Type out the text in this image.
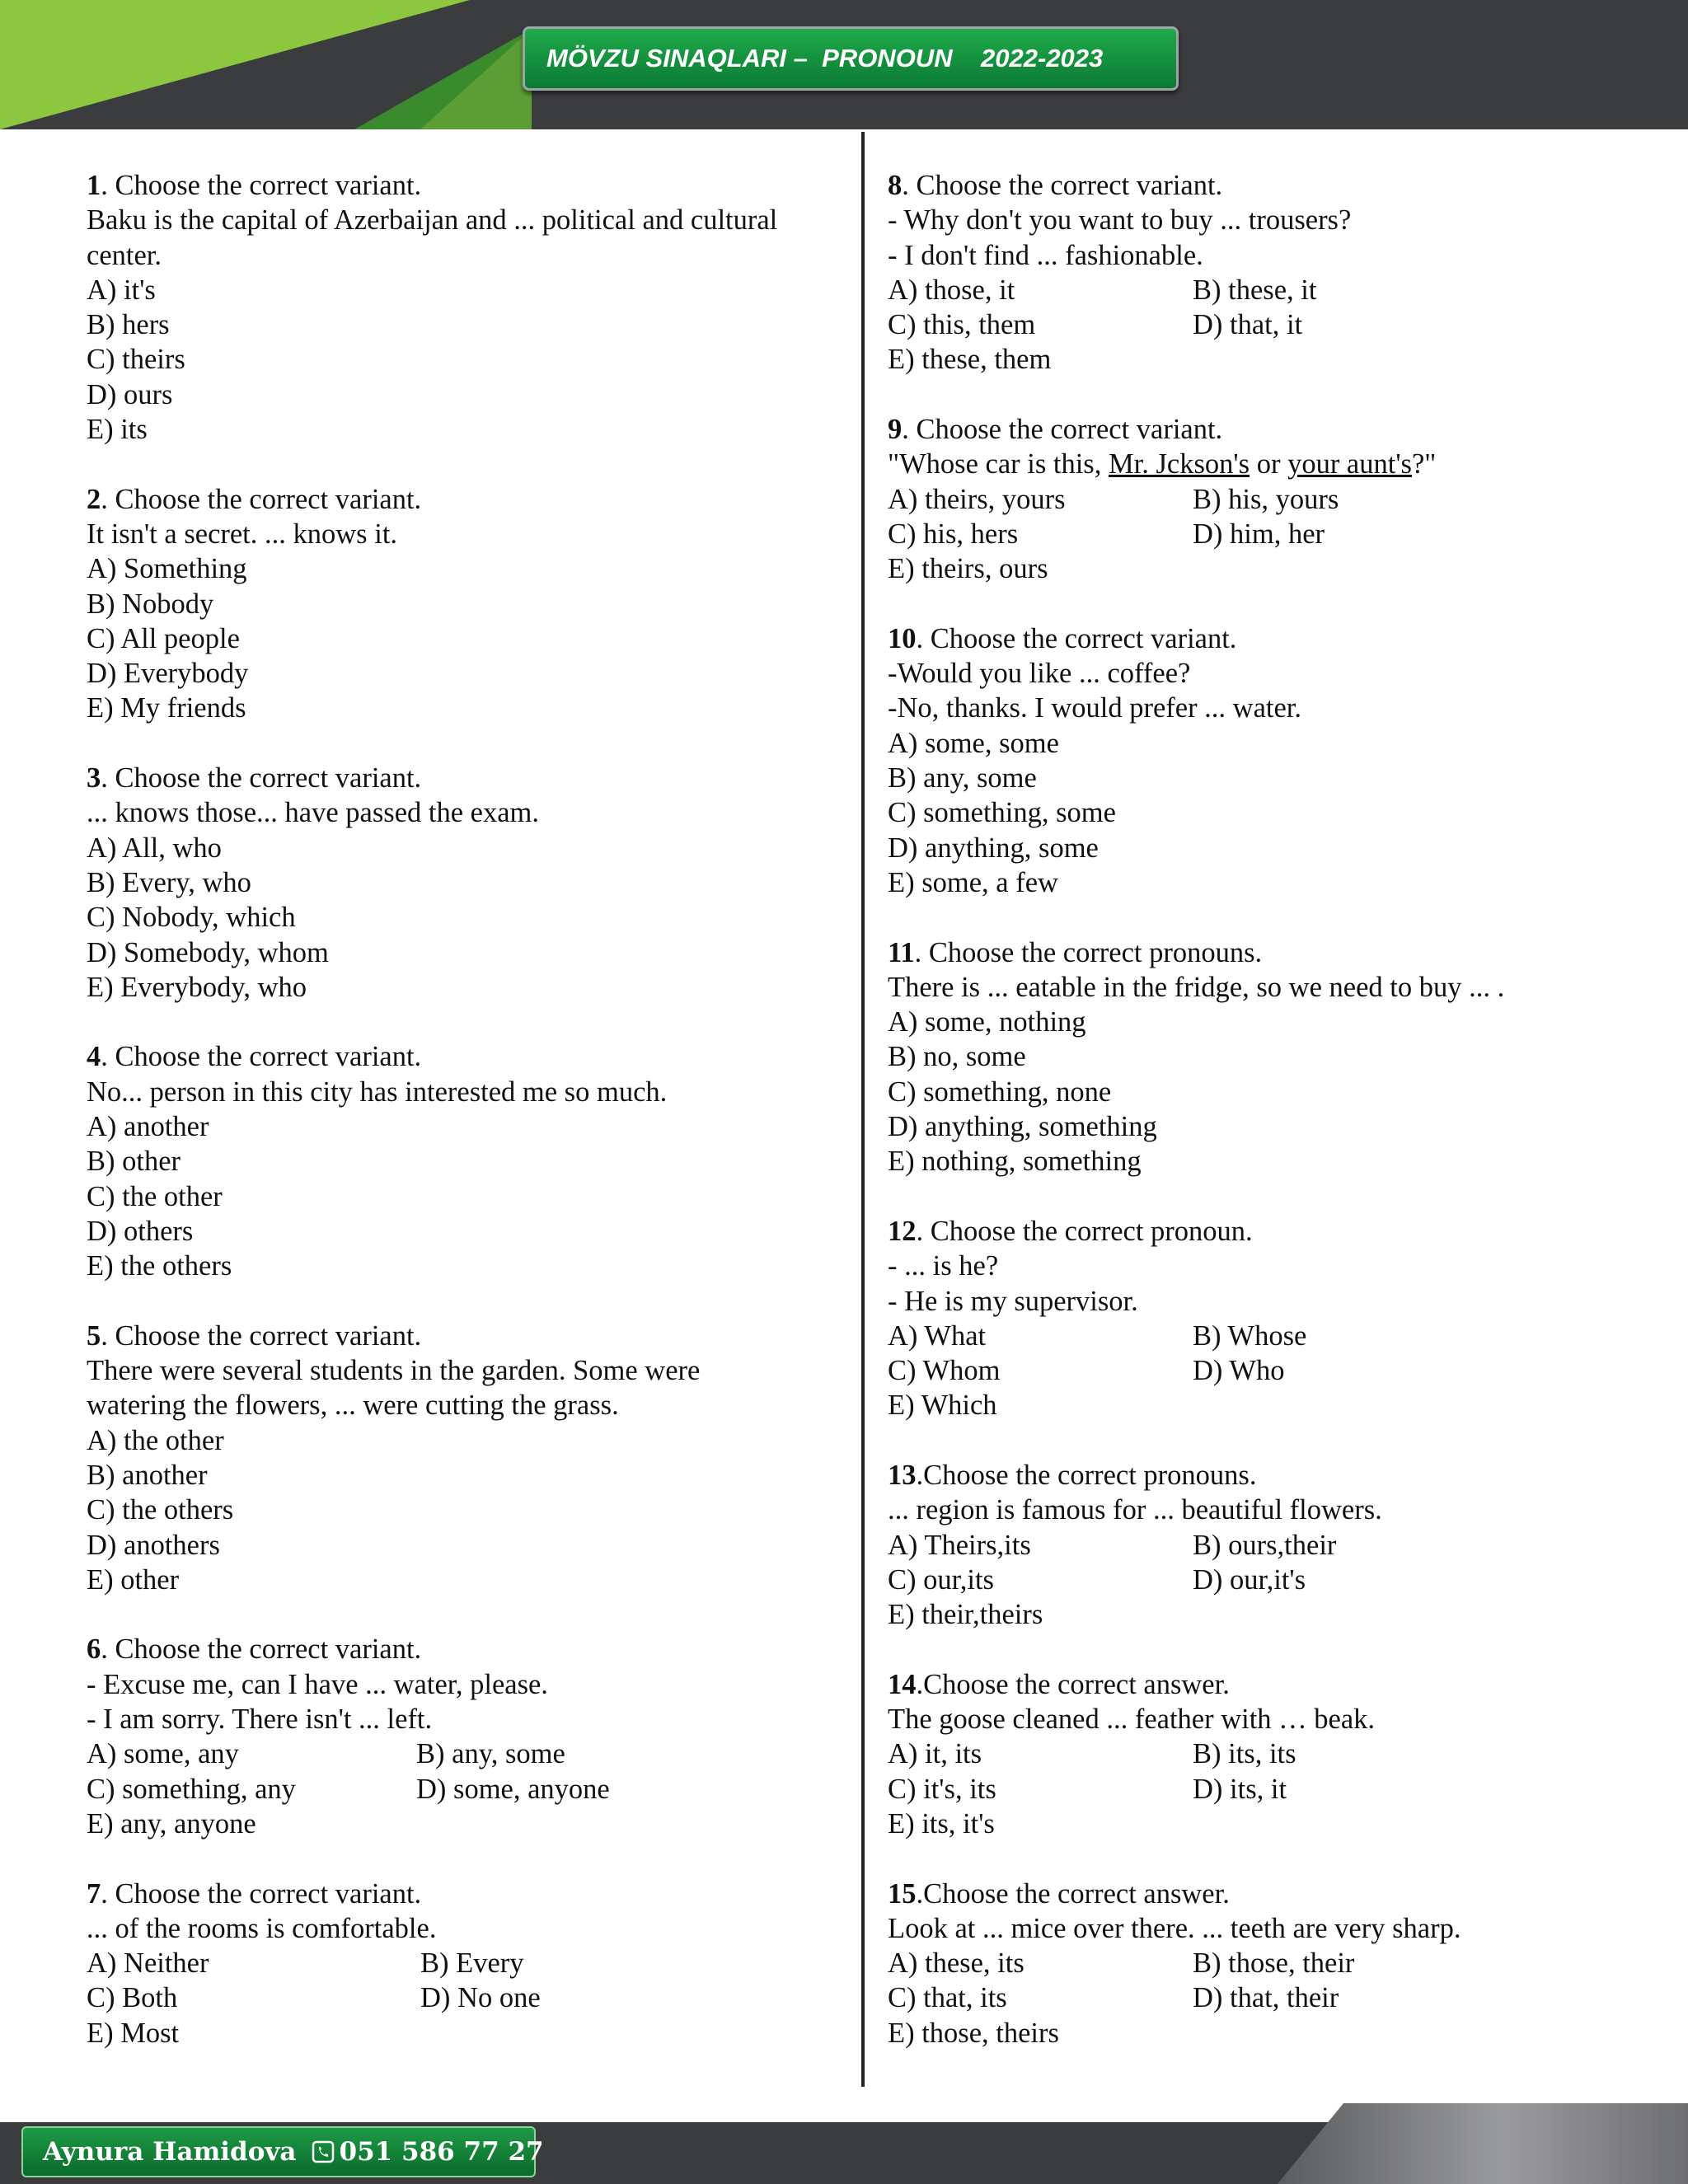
MÖVZU SINAQLARI –  PRONOUN    2022-2023

1. Choose the correct variant.

Baku is the capital of Azerbaijan and ... political and cultural

center.

A) it's

B) hers

C) theirs

D) ours

E) its

2. Choose the correct variant.

It isn't a secret. ... knows it.

A) Something

B) Nobody

C) All people

D) Everybody

E) My friends

3. Choose the correct variant.

... knows those... have passed the exam.

A) All, who

B) Every, who

C) Nobody, which

D) Somebody, whom

E) Everybody, who

4. Choose the correct variant.

No... person in this city has interested me so much.

A) another

B) other

C) the other

D) others

E) the others

5. Choose the correct variant.

There were several students in the garden. Some were

watering the flowers, ... were cutting the grass.

A) the other

B) another

C) the others

D) anothers

E) other

6. Choose the correct variant.

- Excuse me, can I have ... water, please.

- I am sorry. There isn't ... left.

A) some, any	B) any, some
C) something, any	D) some, anyone

E) any, anyone

7. Choose the correct variant.

... of the rooms is comfortable.

A) Neither	B) Every
C) Both	D) No one

E) Most

8. Choose the correct variant.

- Why don't you want to buy ... trousers?

- I don't find ... fashionable.

A) those, it	B) these, it
C) this, them	D) that, it

E) these, them

9. Choose the correct variant.

"Whose car is this, Mr. Jckson's or your aunt's?"

A) theirs, yours	B) his, yours
C) his, hers	D) him, her

E) theirs, ours

10. Choose the correct variant.

-Would you like ... coffee?

-No, thanks. I would prefer ... water.

A) some, some

B) any, some

C) something, some

D) anything, some

E) some, a few

11. Choose the correct pronouns.

There is ... eatable in the fridge, so we need to buy ... .

A) some, nothing

B) no, some

C) something, none

D) anything, something

E) nothing, something

12. Choose the correct pronoun.

- ... is he?

- He is my supervisor.

A) What	B) Whose
C) Whom	D) Who

E) Which

13.Choose the correct pronouns.

... region is famous for ... beautiful flowers.

A) Theirs,its	B) ours,their
C) our,its	D) our,it's

E) their,theirs

14.Choose the correct answer.

The goose cleaned ... feather with … beak.

A) it, its	B) its, its
C) it's, its	D) its, it

E) its, it's

15.Choose the correct answer.

Look at ... mice over there. ... teeth are very sharp.

A) these, its	B) those, their
C) that, its	D) that, their

E) those, theirs

Aynura Hamidova 051 586 77 27
